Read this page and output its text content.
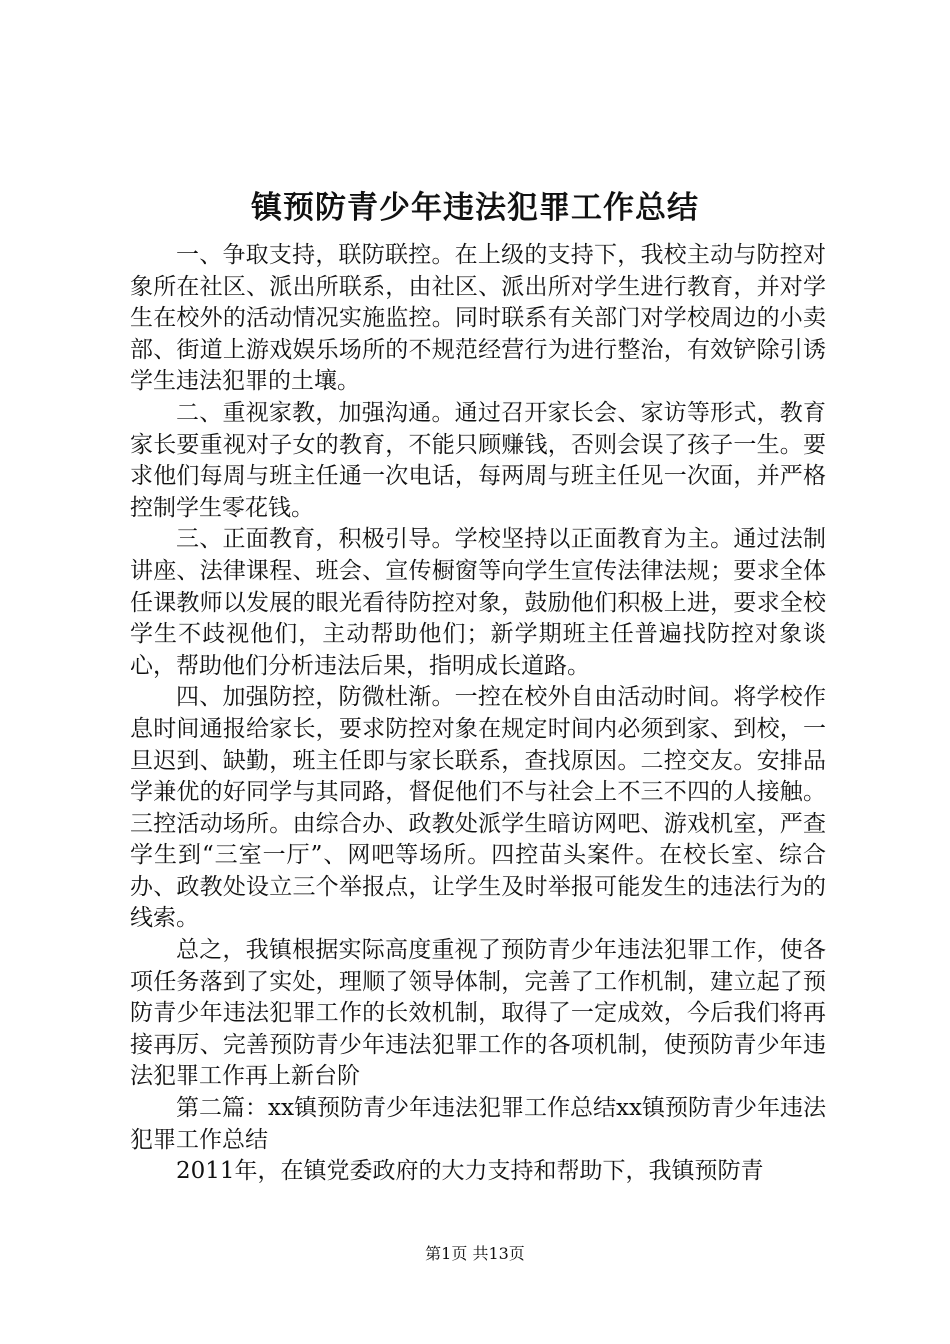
镇预防青少年违法犯罪工作总结

一、争取支持，联防联控。在上级的支持下，我校主动与防控对象所在社区、派出所联系，由社区、派出所对学生进行教育，并对学生在校外的活动情况实施监控。同时联系有关部门对学校周边的小卖部、街道上游戏娱乐场所的不规范经营行为进行整治，有效铲除引诱学生违法犯罪的土壤。

二、重视家教，加强沟通。通过召开家长会、家访等形式，教育家长要重视对子女的教育，不能只顾赚钱，否则会误了孩子一生。要求他们每周与班主任通一次电话，每两周与班主任见一次面，并严格控制学生零花钱。

三、正面教育，积极引导。学校坚持以正面教育为主。通过法制讲座、法律课程、班会、宣传橱窗等向学生宣传法律法规；要求全体任课教师以发展的眼光看待防控对象，鼓励他们积极上进，要求全校学生不歧视他们，主动帮助他们；新学期班主任普遍找防控对象谈心，帮助他们分析违法后果，指明成长道路。

四、加强防控，防微杜渐。一控在校外自由活动时间。将学校作息时间通报给家长，要求防控对象在规定时间内必须到家、到校，一旦迟到、缺勤，班主任即与家长联系，查找原因。二控交友。安排品学兼优的好同学与其同路，督促他们不与社会上不三不四的人接触。三控活动场所。由综合办、政教处派学生暗访网吧、游戏机室，严查学生到“三室一厅”、网吧等场所。四控苗头案件。在校长室、综合办、政教处设立三个举报点，让学生及时举报可能发生的违法行为的线索。

总之，我镇根据实际高度重视了预防青少年违法犯罪工作，使各项任务落到了实处，理顺了领导体制，完善了工作机制，建立起了预防青少年违法犯罪工作的长效机制，取得了一定成效，今后我们将再接再厉、完善预防青少年违法犯罪工作的各项机制，使预防青少年违法犯罪工作再上新台阶

第二篇：xx镇预防青少年违法犯罪工作总结xx镇预防青少年违法犯罪工作总结

2011年，在镇党委政府的大力支持和帮助下，我镇预防青

第1页 共13页
